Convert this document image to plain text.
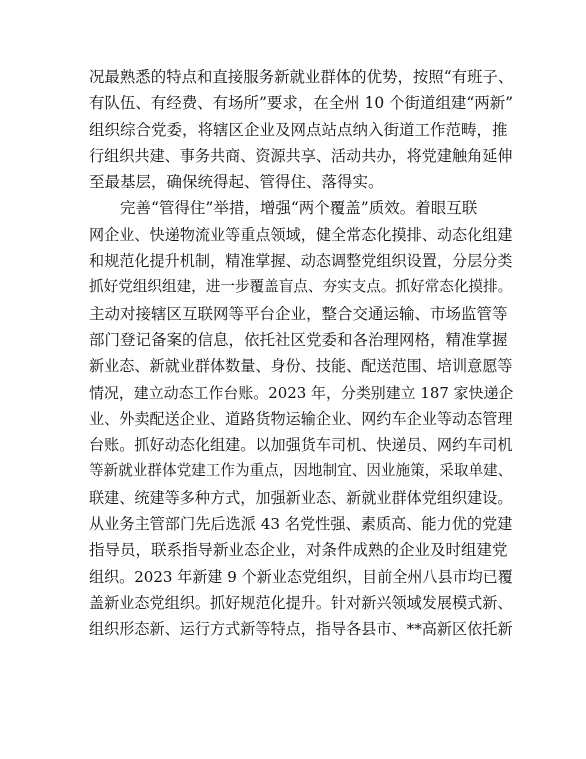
况最熟悉的特点和直接服务新就业群体的优势，按照“有班子、
有队伍、有经费、有场所”要求，在全州 10 个街道组建“两新”
组织综合党委，将辖区企业及网点站点纳入街道工作范畴，推
行组织共建、事务共商、资源共享、活动共办，将党建触角延伸
至最基层，确保统得起、管得住、落得实。
完善“管得住”举措，增强“两个覆盖”质效。着眼互联
网企业、快递物流业等重点领域，健全常态化摸排、动态化组建
和规范化提升机制，精准掌握、动态调整党组织设置，分层分类
抓好党组织组建，进一步覆盖盲点、夯实支点。抓好常态化摸排。
主动对接辖区互联网等平台企业，整合交通运输、市场监管等
部门登记备案的信息，依托社区党委和各治理网格，精准掌握
新业态、新就业群体数量、身份、技能、配送范围、培训意愿等
情况，建立动态工作台账。2023 年，分类别建立 187 家快递企
业、外卖配送企业、道路货物运输企业、网约车企业等动态管理
台账。抓好动态化组建。以加强货车司机、快递员、网约车司机
等新就业群体党建工作为重点，因地制宜、因业施策，采取单建、
联建、统建等多种方式，加强新业态、新就业群体党组织建设。
从业务主管部门先后选派 43 名党性强、素质高、能力优的党建
指导员，联系指导新业态企业，对条件成熟的企业及时组建党
组织。2023 年新建 9 个新业态党组织，目前全州八县市均已覆
盖新业态党组织。抓好规范化提升。针对新兴领域发展模式新、
组织形态新、运行方式新等特点，指导各县市、**高新区依托新
